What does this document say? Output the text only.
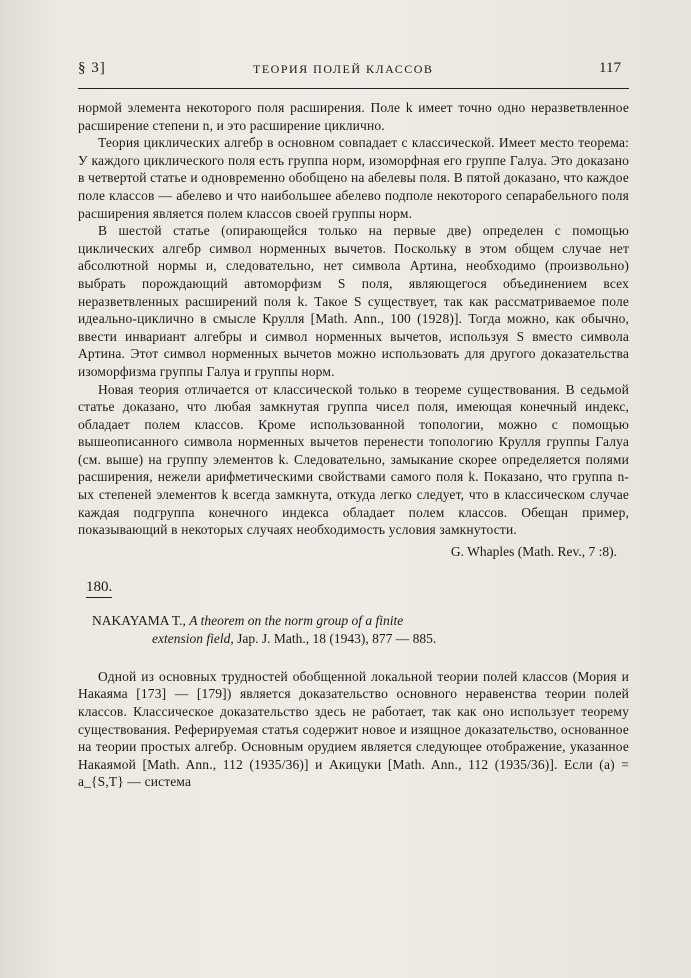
§ 3]	ТЕОРИЯ ПОЛЕЙ КЛАССОВ	117

нормой элемента некоторого поля расширения. Поле k имеет точно одно неразветвленное расширение степени n, и это расширение циклично.

Теория циклических алгебр в основном совпадает с классической. Имеет место теорема: У каждого циклического поля есть группа норм, изоморфная его группе Галуа. Это доказано в четвертой статье и одновременно обобщено на абелевы поля. В пятой доказано, что каждое поле классов — абелево и что наибольшее абелево подполе некоторого сепарабельного поля расширения является полем классов своей группы норм.

В шестой статье (опирающейся только на первые две) определен с помощью циклических алгебр символ норменных вычетов. Поскольку в этом общем случае нет абсолютной нормы и, следовательно, нет символа Артина, необходимо (произвольно) выбрать порождающий автоморфизм S поля, являющегося объединением всех неразветвленных расширений поля k. Такое S существует, так как рассматриваемое поле идеально-циклично в смысле Крулля [Math. Ann., 100 (1928)]. Тогда можно, как обычно, ввести инвариант алгебры и символ норменных вычетов, используя S вместо символа Артина. Этот символ норменных вычетов можно использовать для другого доказательства изоморфизма группы Галуа и группы норм.

Новая теория отличается от классической только в теореме существования. В седьмой статье доказано, что любая замкнутая группа чисел поля, имеющая конечный индекс, обладает полем классов. Кроме использованной топологии, можно с помощью вышеописанного символа норменных вычетов перенести топологию Крулля группы Галуа (см. выше) на группу элементов k. Следовательно, замыкание скорее определяется полями расширения, нежели арифметическими свойствами самого поля k. Показано, что группа n-ых степеней элементов k всегда замкнута, откуда легко следует, что в классическом случае каждая подгруппа конечного индекса обладает полем классов. Обещан пример, показывающий в некоторых случаях необходимость условия замкнутости.

G. Whaples (Math. Rev., 7 :8).
180.
NAKAYAMA T., A theorem on the norm group of a finite
extension field, Jap. J. Math., 18 (1943), 877 — 885.

Одной из основных трудностей обобщенной локальной теории полей классов (Мория и Накаяма [173] — [179]) является доказательство основного неравенства теории полей классов. Классическое доказательство здесь не работает, так как оно использует теорему существования. Реферируемая статья содержит новое и изящное доказательство, основанное на теории простых алгебр. Основным орудием является следующее отображение, указанное Накаямой [Math. Ann., 112 (1935/36)] и Акицуки [Math. Ann., 112 (1935/36)]. Если (a) = a_{S,T} — система
